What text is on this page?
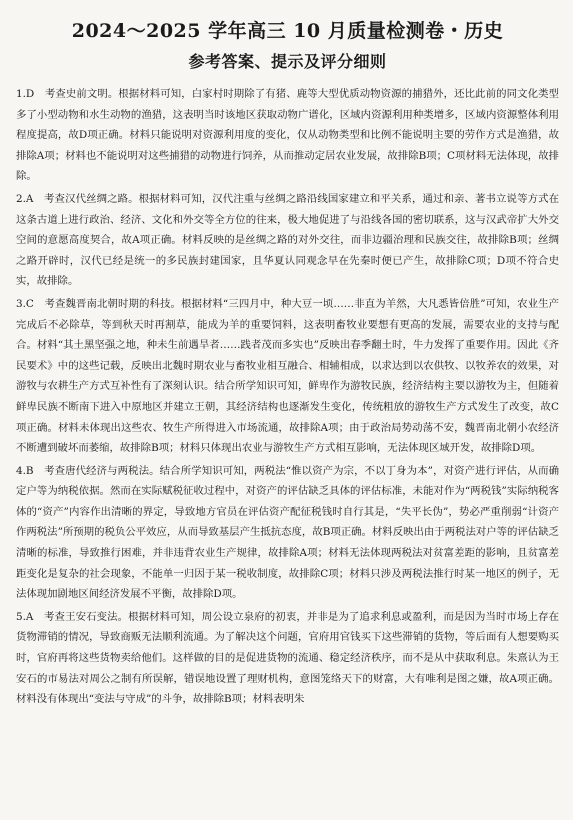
2024～2025 学年高三 10 月质量检测卷・历史
参考答案、提示及评分细则

1.D　考查史前文明。根据材料可知，白家村时期除了有猪、鹿等大型优质动物资源的捕猎外，还比此前的同文化类型多了小型动物和水生动物的渔猎，这表明当时该地区获取动物广谱化，区域内资源利用种类增多，区域内资源整体利用程度提高，故D项正确。材料只能说明对资源利用度的变化，仅从动物类型和比例不能说明主要的劳作方式是渔猎，故排除A项；材料也不能说明对这些捕猎的动物进行饲养，从而推动定居农业发展，故排除B项；C项材料无法体现，故排除。

2.A　考查汉代丝绸之路。根据材料可知，汉代注重与丝绸之路沿线国家建立和平关系，通过和亲、著书立说等方式在这条古道上进行政治、经济、文化和外交等全方位的往来，极大地促进了与沿线各国的密切联系，这与汉武帝扩大外交空间的意愿高度契合，故A项正确。材料反映的是丝绸之路的对外交往，而非边疆治理和民族交往，故排除B项；丝绸之路开辟时，汉代已经是统一的多民族封建国家，且华夏认同观念早在先秦时便已产生，故排除C项；D项不符合史实，故排除。

3.C　考查魏晋南北朝时期的科技。根据材料“三四月中，种大豆一顷……非直为羊然，大凡悉皆倍胜”可知，农业生产完成后不必除草，等到秋天时再割草，能成为羊的重要饲料，这表明畜牧业要想有更高的发展，需要农业的支持与配合。材料“其土黑坚强之地，种未生前遇旱者……践者茂而多实也”反映出春季翻土时，牛力发挥了重要作用。因此《齐民要术》中的这些记载，反映出北魏时期农业与畜牧业相互融合、相辅相成，以求达到以农供牧、以牧养农的效果，对游牧与农耕生产方式互补性有了深刻认识。结合所学知识可知，鲜卑作为游牧民族，经济结构主要以游牧为主，但随着鲜卑民族不断南下进入中原地区并建立王朝，其经济结构也逐渐发生变化，传统粗放的游牧生产方式发生了改变，故C项正确。材料未体现出这些农、牧生产所得进入市场流通，故排除A项；由于政治局势动荡不安，魏晋南北朝小农经济不断遭到破坏而萎缩，故排除B项；材料只体现出农业与游牧生产方式相互影响，无法体现区域开发，故排除D项。

4.B　考查唐代经济与两税法。结合所学知识可知，两税法“惟以资产为宗，不以丁身为本”，对资产进行评估，从而确定户等为纳税依据。然而在实际赋税征收过程中，对资产的评估缺乏具体的评估标准，未能对作为“两税钱”实际纳税客体的“资产”内容作出清晰的界定，导致地方官员在评估资产配征税钱时自行其是，“失平长伪”，势必严重削弱“计资产作两税法”所预期的税负公平效应，从而导致基层产生抵抗态度，故B项正确。材料反映出由于两税法对户等的评估缺乏清晰的标准，导致推行困难，并非违背农业生产规律，故排除A项；材料无法体现两税法对贫富差距的影响，且贫富差距变化是复杂的社会现象，不能单一归因于某一税收制度，故排除C项；材料只涉及两税法推行时某一地区的例子，无法体现加剧地区间经济发展不平衡，故排除D项。

5.A　考查王安石变法。根据材料可知，周公设立泉府的初衷，并非是为了追求利息或盈利，而是因为当时市场上存在货物滞销的情况，导致商贩无法顺利流通。为了解决这个问题，官府用官钱买下这些滞销的货物，等后面有人想要购买时，官府再将这些货物卖给他们。这样做的目的是促进货物的流通、稳定经济秩序，而不是从中获取利息。朱熹认为王安石的市易法对周公之制有所误解，错误地设置了理财机构，意图笼络天下的财富，大有唯利是图之嫌，故A项正确。材料没有体现出“变法与守成”的斗争，故排除B项；材料表明朱
